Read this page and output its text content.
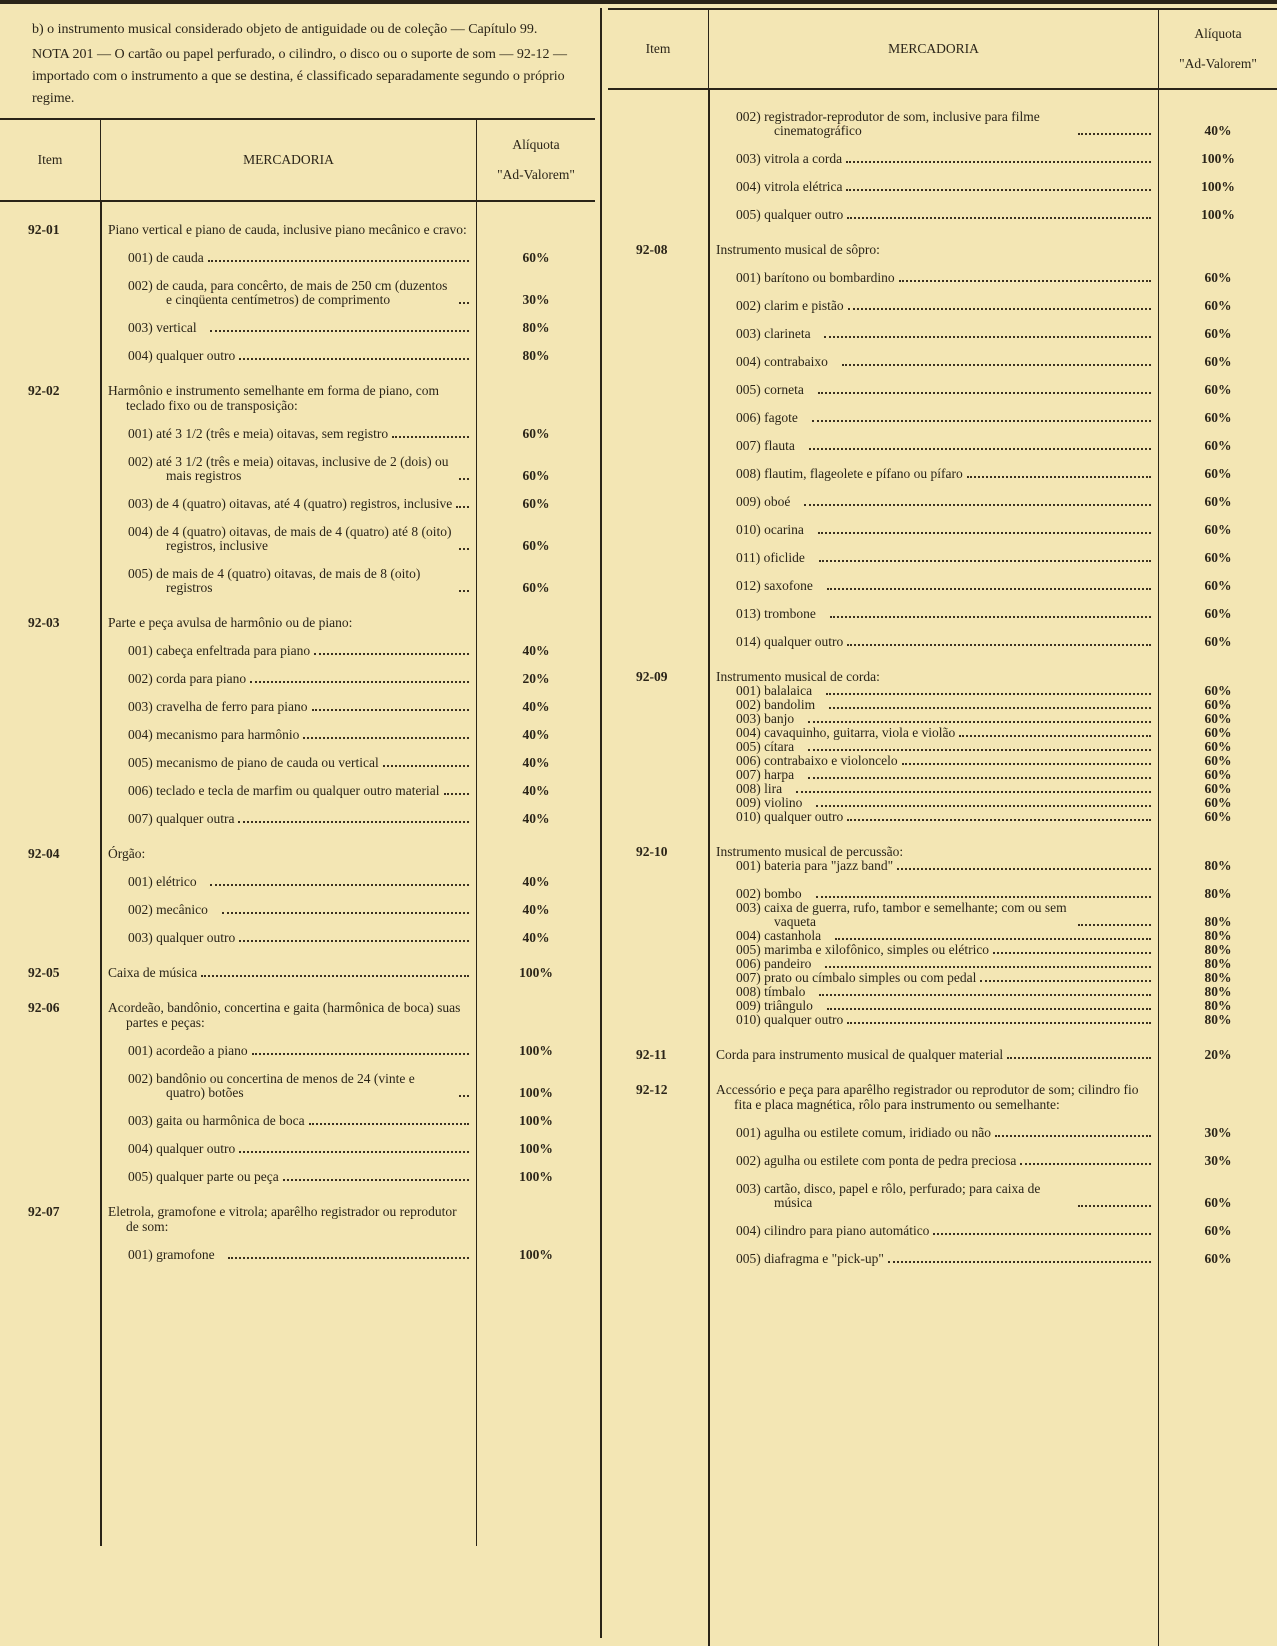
b) o instrumento musical considerado objeto de antiguidade ou de coleção — Capítulo 99.

NOTA 201 — O cartão ou papel perfurado, o cilindro, o disco ou o suporte de som — 92-12 — importado com o instrumento a que se destina, é classificado separadamente segundo o próprio regime.

Item	MERCADORIA
Alíquota
"Ad-Valorem"
92-01	Piano vertical e piano de cauda, inclusive piano mecânico e cravo:
001) de cauda	60%
002) de cauda, para concêrto, de mais de 250 cm (duzentos e cinqüenta centímetros) de comprimento	30%
003) vertical	80%
004) qualquer outro	80%
92-02	Harmônio e instrumento semelhante em forma de piano, com teclado fixo ou de transposição:
001) até 3 1/2 (três e meia) oitavas, sem registro	60%
002) até 3 1/2 (três e meia) oitavas, inclusive de 2 (dois) ou mais registros	60%
003) de 4 (quatro) oitavas, até 4 (quatro) registros, inclusive	60%
004) de 4 (quatro) oitavas, de mais de 4 (quatro) até 8 (oito) registros, inclusive	60%
005) de mais de 4 (quatro) oitavas, de mais de 8 (oito) registros	60%
92-03	Parte e peça avulsa de harmônio ou de piano:
001) cabeça enfeltrada para piano	40%
002) corda para piano	20%
003) cravelha de ferro para piano	40%
004) mecanismo para harmônio	40%
005) mecanismo de piano de cauda ou vertical	40%
006) teclado e tecla de marfim ou qualquer outro material	40%
007) qualquer outra	40%
92-04	Órgão:
001) elétrico	40%
002) mecânico	40%
003) qualquer outro	40%
92-05	Caixa de música	100%
92-06	Acordeão, bandônio, concertina e gaita (harmônica de boca) suas partes e peças:
001) acordeão a piano	100%
002) bandônio ou concertina de menos de 24 (vinte e quatro) botões	100%
003) gaita ou harmônica de boca	100%
004) qualquer outro	100%
005) qualquer parte ou peça	100%
92-07	Eletrola, gramofone e vitrola; aparêlho registrador ou reprodutor de som:
001) gramofone	100%
Item	MERCADORIA
Alíquota
"Ad-Valorem"
002) registrador-reprodutor de som, inclusive para filme cinematográfico	40%
003) vitrola a corda	100%
004) vitrola elétrica	100%
005) qualquer outro	100%
92-08	Instrumento musical de sôpro:
001) barítono ou bombardino	60%
002) clarim e pistão	60%
003) clarineta	60%
004) contrabaixo	60%
005) corneta	60%
006) fagote	60%
007) flauta	60%
008) flautim, flageolete e pífano ou pífaro	60%
009) oboé	60%
010) ocarina	60%
011) oficlide	60%
012) saxofone	60%
013) trombone	60%
014) qualquer outro	60%
92-09	Instrumento musical de corda:
001) balalaica	60%
002) bandolim	60%
003) banjo	60%
004) cavaquinho, guitarra, viola e violão	60%
005) cítara	60%
006) contrabaixo e violoncelo	60%
007) harpa	60%
008) lira	60%
009) violino	60%
010) qualquer outro	60%
92-10	Instrumento musical de percussão:
001) bateria para "jazz band"	80%
002) bombo	80%
003) caixa de guerra, rufo, tambor e semelhante; com ou sem vaqueta	80%
004) castanhola	80%
005) marimba e xilofônico, simples ou elétrico	80%
006) pandeiro	80%
007) prato ou címbalo simples ou com pedal	80%
008) tímbalo	80%
009) triângulo	80%
010) qualquer outro	80%
92-11	Corda para instrumento musical de qualquer material	20%
92-12	Accessório e peça para aparêlho registrador ou reprodutor de som; cilindro fio fita e placa magnética, rôlo para instrumento ou semelhante:
001) agulha ou estilete comum, iridiado ou não	30%
002) agulha ou estilete com ponta de pedra preciosa	30%
003) cartão, disco, papel e rôlo, perfurado; para caixa de música	60%
004) cilindro para piano automático	60%
005) diafragma e "pick-up"	60%
